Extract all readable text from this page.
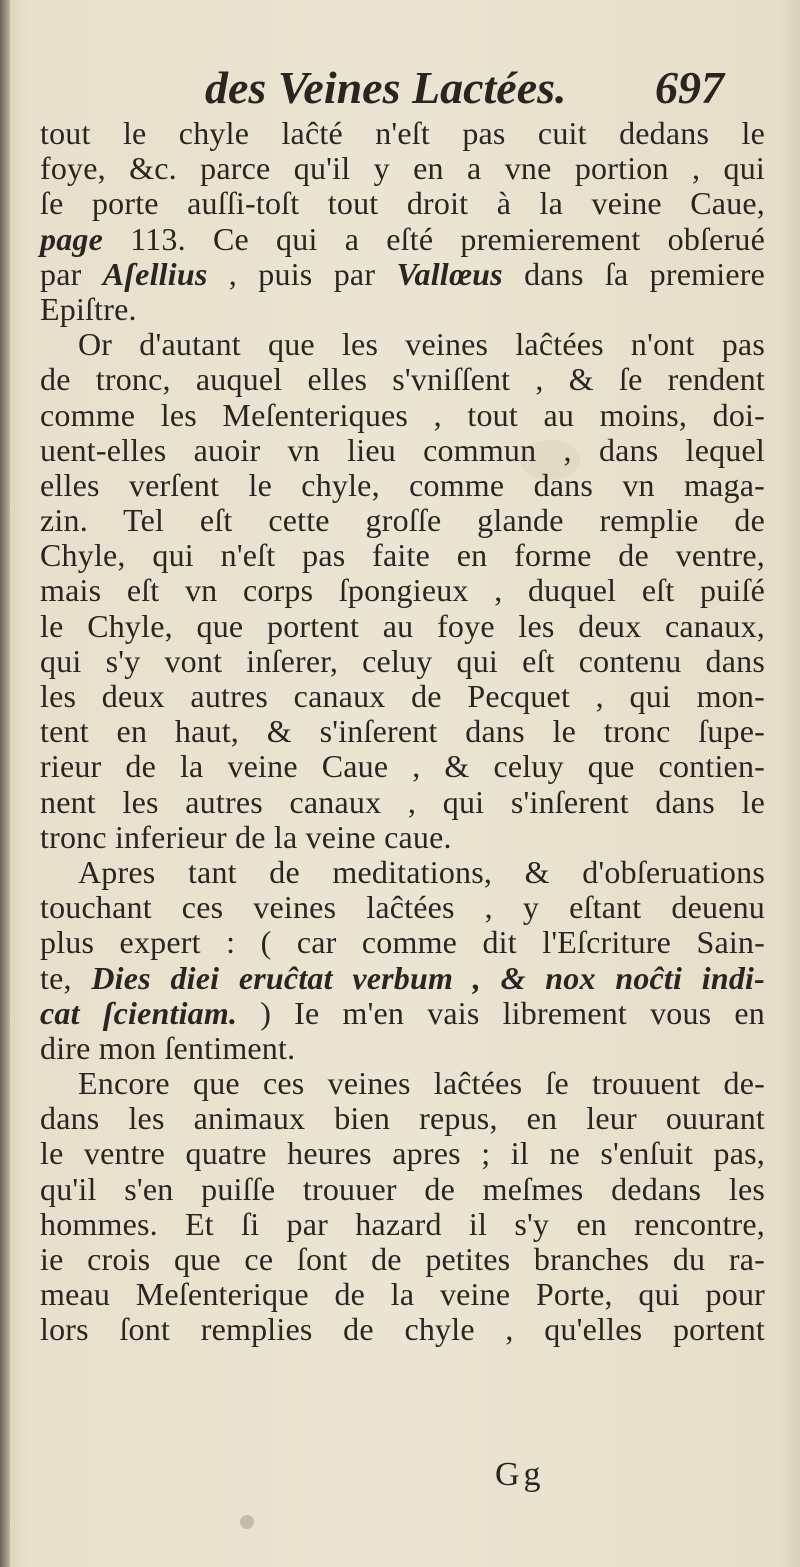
des Veines Lactées. 697
tout le chyle laĉté n'eſt pas cuit dedans le
foye, &c. parce qu'il y en a vne portion , qui
ſe porte auſſi-toſt tout droit à la veine Caue,
page 113. Ce qui a eſté premierement obſerué
par Aſellius , puis par Vallœus dans ſa premiere
Epiſtre.
Or d'autant que les veines laĉtées n'ont pas
de tronc, auquel elles s'vniſſent , & ſe rendent
comme les Meſenteriques , tout au moins, doi-
uent-elles auoir vn lieu commun , dans lequel
elles verſent le chyle, comme dans vn maga-
zin. Tel eſt cette groſſe glande remplie de
Chyle, qui n'eſt pas faite en forme de ventre,
mais eſt vn corps ſpongieux , duquel eſt puiſé
le Chyle, que portent au foye les deux canaux,
qui s'y vont inſerer, celuy qui eſt contenu dans
les deux autres canaux de Pecquet , qui mon-
tent en haut, & s'inſerent dans le tronc ſupe-
rieur de la veine Caue , & celuy que contien-
nent les autres canaux , qui s'inſerent dans le
tronc inferieur de la veine caue.
Apres tant de meditations, & d'obſeruations
touchant ces veines laĉtées , y eſtant deuenu
plus expert : ( car comme dit l'Eſcriture Sain-
te, Dies diei eruĉtat verbum , & nox noĉti indi-
cat ſcientiam. ) Ie m'en vais librement vous en
dire mon ſentiment.
Encore que ces veines laĉtées ſe trouuent de-
dans les animaux bien repus, en leur ouurant
le ventre quatre heures apres ; il ne s'enſuit pas,
qu'il s'en puiſſe trouuer de meſmes dedans les
hommes. Et ſi par hazard il s'y en rencontre,
ie crois que ce ſont de petites branches du ra-
meau Meſenterique de la veine Porte, qui pour
lors ſont remplies de chyle , qu'elles portent
Gg
